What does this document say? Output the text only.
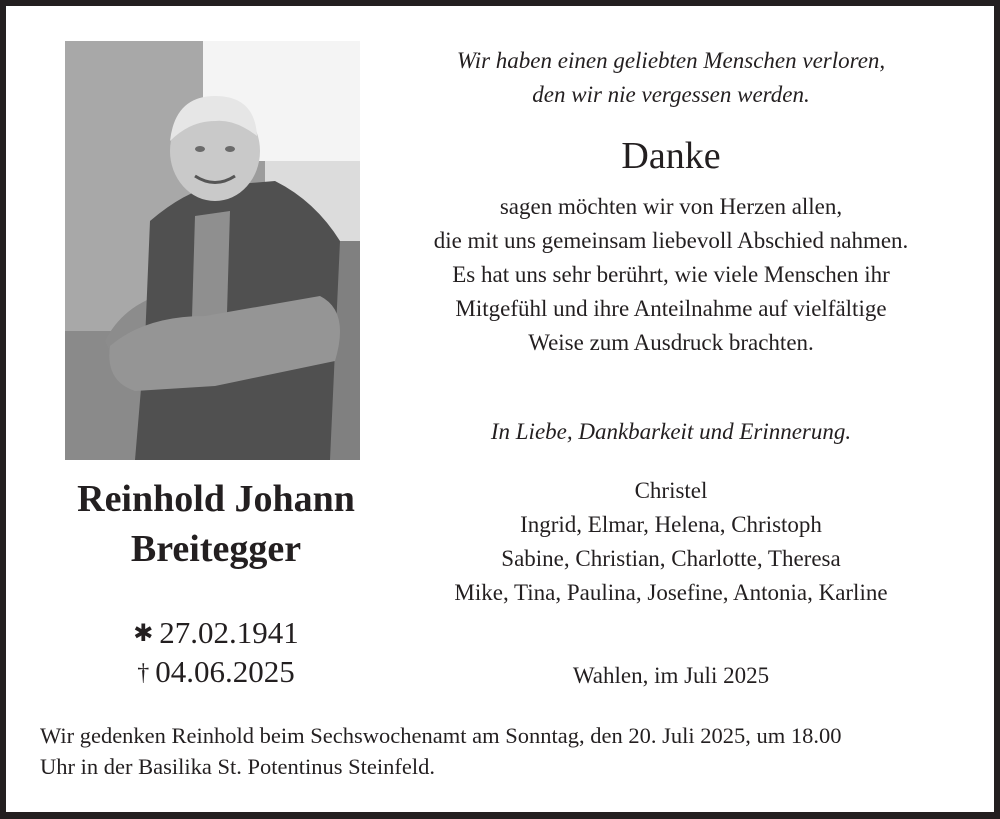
Wir haben einen geliebten Menschen verloren,
den wir nie vergessen werden.
Danke
sagen möchten wir von Herzen allen,
die mit uns gemeinsam liebevoll Abschied nahmen.
Es hat uns sehr berührt, wie viele Menschen ihr
Mitgefühl und ihre Anteilnahme auf vielfältige
Weise zum Ausdruck brachten.
In Liebe, Dankbarkeit und Erinnerung.
Christel
Ingrid, Elmar, Helena, Christoph
Sabine, Christian, Charlotte, Theresa
Mike, Tina, Paulina, Josefine, Antonia, Karline
Wahlen, im Juli 2025
Reinhold Johann
Breitegger
✱ 27.02.1941
† 04.06.2025
Wir gedenken Reinhold beim Sechswochenamt am Sonntag, den 20. Juli 2025, um 18.00
Uhr in der Basilika St. Potentinus Steinfeld.
